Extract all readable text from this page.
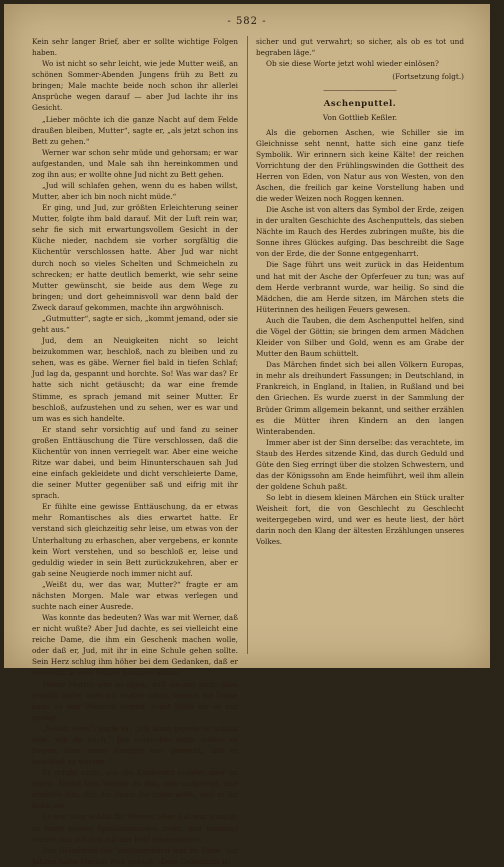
- 582 -

Kein sehr langer Brief, aber er sollte wichtige Folgen haben.

Wo ist nicht so sehr leicht, wie jede Mutter weiß, an schönen Sommer-Abenden Jungens früh zu Bett zu bringen; Male machte beide noch schon ihr allerlei Ansprüche wegen darauf — aber Jud lachte ihr ins Gesicht.

„Lieber möchte ich die ganze Nacht auf dem Felde draußen bleiben, Mutter“, sagte er, „als jetzt schon ins Bett zu gehen.“

Werner war schon sehr müde und gehorsam; er war aufgestanden, und Male sah ihn hereinkommen und zog ihn aus; er wollte ohne Jud nicht zu Bett gehen.

„Jud will schlafen gehen, wenn du es haben willst, Mutter, aber ich bin noch nicht müde.“

Er ging, und Jud, zur größten Erleichterung seiner Mutter, folgte ihm bald darauf. Mit der Luft rein war, sehr fie sich mit erwartungsvollem Gesicht in der Küche nieder, nachdem sie vorher sorgfältig die Küchentür verschlossen hatte. Aber Jud war nicht durch noch so vieles Schelten und Schmeicheln zu schrecken; er hatte deutlich bemerkt, wie sehr seine Mutter gewünscht, sie beide aus dem Wege zu bringen; und dort geheimnisvoll war denn bald der Zweck darauf gekommen, machte ihn argwöhnisch.

„Gutmutter“, sagte er sich, „kommt jemand, oder sie geht aus.“

Jud, dem an Neuigkeiten nicht so leicht beizukommen war, beschloß, nach zu bleiben und zu sehen, was es gäbe. Werner fiel bald in tiefen Schlaf; Jud lag da, gespannt und horchte. So! Was war das? Er hatte sich nicht getäuscht; da war eine fremde Stimme, es sprach jemand mit seiner Mutter. Er beschloß, aufzustehen und zu sehen, wer es war und um was es sich handelte.

Er stand sehr vorsichtig auf und fand zu seiner großen Enttäuschung die Türe verschlossen, daß die Küchentür von innen verriegelt war. Aber eine weiche Ritze war dabei, und beim Hinunterschauen sah Jud eine einfach gekleidete und dicht verschleierte Dame, die seiner Mutter gegenüber saß und eifrig mit ihr sprach.

Er fühlte eine gewisse Enttäuschung, da er etwas mehr Romantisches als dies erwartet hatte. Er verstand sich gleichzeitig sehr leise, um etwas von der Unterhaltung zu erhaschen, aber vergebens, er konnte kein Wort verstehen, und so beschloß er, leise und geduldig wieder in sein Bett zurückzukehren, aber er gab seine Neugierde noch immer nicht auf.

„Weißt du, wer das war, Mutter?“ fragte er am nächsten Morgen. Male war etwas verlegen und suchte nach einer Ausrede.

Was konnte das bedeuten? Was war mit Werner, daß er nicht wußte? Aber Jud dachte, es sei vielleicht eine reiche Dame, die ihm ein Geschenk machen wolle, oder daß er, Jud, mit ihr in eine Schule gehen sollte. Sein Herz schlug ihm höher bei dem Gedanken, daß er vielleicht in eine Schule kommen könne.

Meine Mutter war so eigen, daß sie mir nicht alles erzählt hätte; aber ich wußte schon, warum die Dame kam: es war Werners wegen, sonst hätte sie es mir gesagt.

„Schön wärs“, sagte er; „ich kann gerade so schlau sein, wie du auch.“ Jud versuchte nicht weiter zu fragen, aber seine Neugier war geweckt, und er beschloß zu warten.

Er erfuhr nicht, wie die Konferenz endete; aber an jenem Abend kam Werner zu ihm, sehr aufgeregt, und erzählte ihm, daß die Dame ihn holen wolle, weil er ihr Sohn sei.

Es war sehr schön für Werner, aber Jud war traurig; er hatte keinen Spielkameraden mehr, und niemand würde nun mit ihm auf das Feld hinausgehen.

Das Geheimnis der Vergangenheit war zu Ende. Vor Jahren hatte Marian Weß gesagt: „Dein Geheimnis ist

sicher und gut verwahrt; so sicher, als ob es tot und begraben läge.“

Ob sie diese Worte jetzt wohl wieder einlösen?

(Fortsetzung folgt.)

――――――――――

Aschenputtel.

Von Gottlieb Keßler.

Als die gebornen Aschen, wie Schiller sie im Gleichnisse seht nennt, hatte sich eine ganz tiefe Symbolik. Wir erinnern sich keine Kälte! der reichen Vorrichtung der den Frühlingswinden die Gottheit des Herren von Eden, von Natur aus von Westen, von den Aschen, die freilich gar keine Vorstellung haben und die weder Weizen noch Roggen kennen.

Die Asche ist von alters das Symbol der Erde, zeigen in der uralten Geschichte des Aschenputtels, das sieben Nächte im Rauch des Herdes zubringen mußte, bis die Sonne ihres Glückes aufging. Das beschreibt die Sage von der Erde, die der Sonne entgegenharrt.

Die Sage führt uns weit zurück in das Heidentum und hat mit der Asche der Opferfeuer zu tun; was auf dem Herde verbrannt wurde, war heilig. So sind die Mädchen, die am Herde sitzen, im Märchen stets die Hüterinnen des heiligen Feuers gewesen.

Auch die Tauben, die dem Aschenputtel helfen, sind die Vögel der Göttin; sie bringen dem armen Mädchen Kleider von Silber und Gold, wenn es am Grabe der Mutter den Baum schüttelt.

Das Märchen findet sich bei allen Völkern Europas, in mehr als dreihundert Fassungen; in Deutschland, in Frankreich, in England, in Italien, in Rußland und bei den Griechen. Es wurde zuerst in der Sammlung der Brüder Grimm allgemein bekannt, und seither erzählen es die Mütter ihren Kindern an den langen Winterabenden.

Immer aber ist der Sinn derselbe: das verachtete, im Staub des Herdes sitzende Kind, das durch Geduld und Güte den Sieg erringt über die stolzen Schwestern, und das der Königssohn am Ende heimführt, weil ihm allein der goldene Schuh paßt.

So lebt in diesem kleinen Märchen ein Stück uralter Weisheit fort, die von Geschlecht zu Geschlecht weitergegeben wird, und wer es heute liest, der hört darin noch den Klang der ältesten Erzählungen unseres Volkes.
